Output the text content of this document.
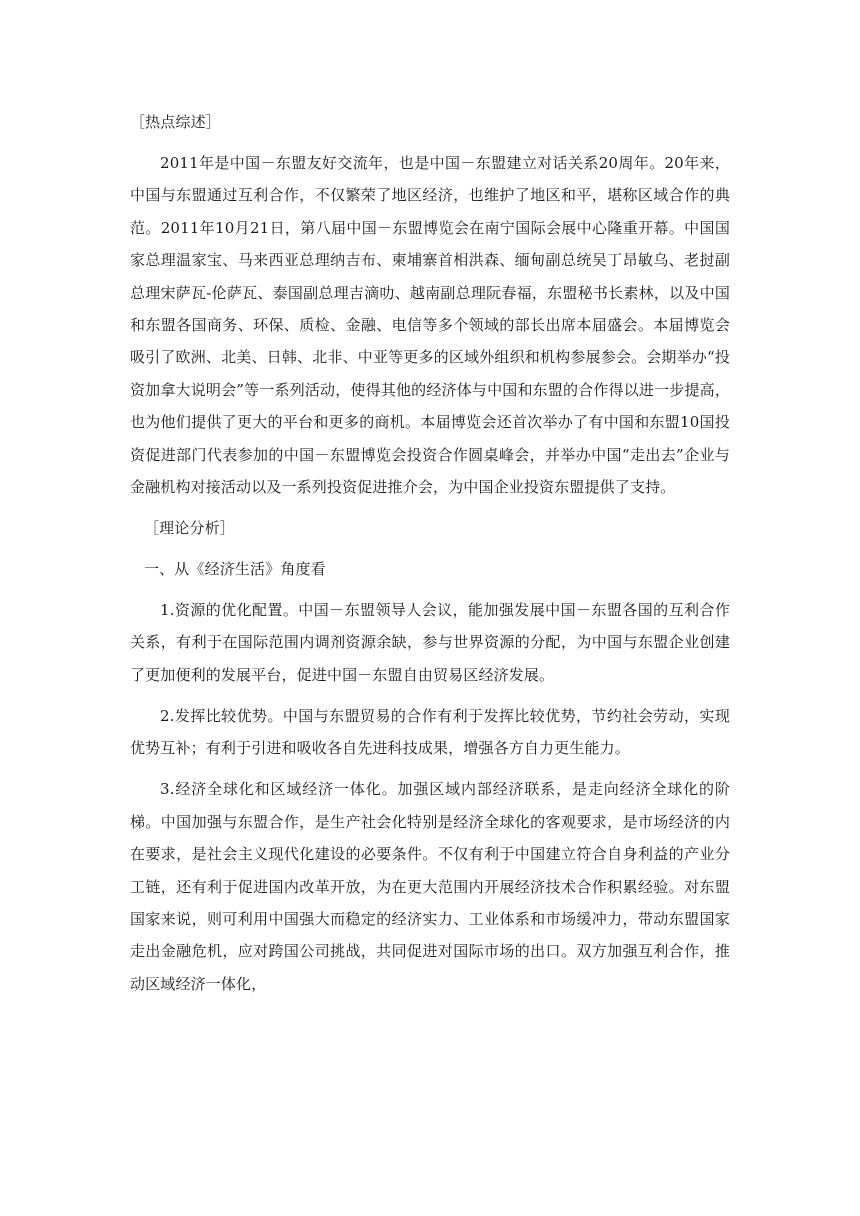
［热点综述］

2011年是中国－东盟友好交流年，也是中国－东盟建立对话关系20周年。20年来，中国与东盟通过互利合作，不仅繁荣了地区经济，也维护了地区和平，堪称区域合作的典范。2011年10月21日，第八届中国－东盟博览会在南宁国际会展中心隆重开幕。中国国家总理温家宝、马来西亚总理纳吉布、柬埔寨首相洪森、缅甸副总统吴丁昂敏乌、老挝副总理宋萨瓦-伦萨瓦、泰国副总理吉滴叻、越南副总理阮春福，东盟秘书长素林，以及中国和东盟各国商务、环保、质检、金融、电信等多个领域的部长出席本届盛会。本届博览会吸引了欧洲、北美、日韩、北非、中亚等更多的区域外组织和机构参展参会。会期举办“投资加拿大说明会”等一系列活动，使得其他的经济体与中国和东盟的合作得以进一步提高，也为他们提供了更大的平台和更多的商机。本届博览会还首次举办了有中国和东盟10国投资促进部门代表参加的中国－东盟博览会投资合作圆桌峰会，并举办中国“走出去”企业与金融机构对接活动以及一系列投资促进推介会，为中国企业投资东盟提供了支持。

［理论分析］

一、从《经济生活》角度看

1.资源的优化配置。中国－东盟领导人会议，能加强发展中国－东盟各国的互利合作关系，有利于在国际范围内调剂资源余缺，参与世界资源的分配，为中国与东盟企业创建了更加便利的发展平台，促进中国－东盟自由贸易区经济发展。

2.发挥比较优势。中国与东盟贸易的合作有利于发挥比较优势，节约社会劳动，实现优势互补；有利于引进和吸收各自先进科技成果，增强各方自力更生能力。

3.经济全球化和区域经济一体化。加强区域内部经济联系，是走向经济全球化的阶梯。中国加强与东盟合作，是生产社会化特别是经济全球化的客观要求，是市场经济的内在要求，是社会主义现代化建设的必要条件。不仅有利于中国建立符合自身利益的产业分工链，还有利于促进国内改革开放，为在更大范围内开展经济技术合作积累经验。对东盟国家来说，则可利用中国强大而稳定的经济实力、工业体系和市场缓冲力，带动东盟国家走出金融危机，应对跨国公司挑战，共同促进对国际市场的出口。双方加强互利合作，推动区域经济一体化，
